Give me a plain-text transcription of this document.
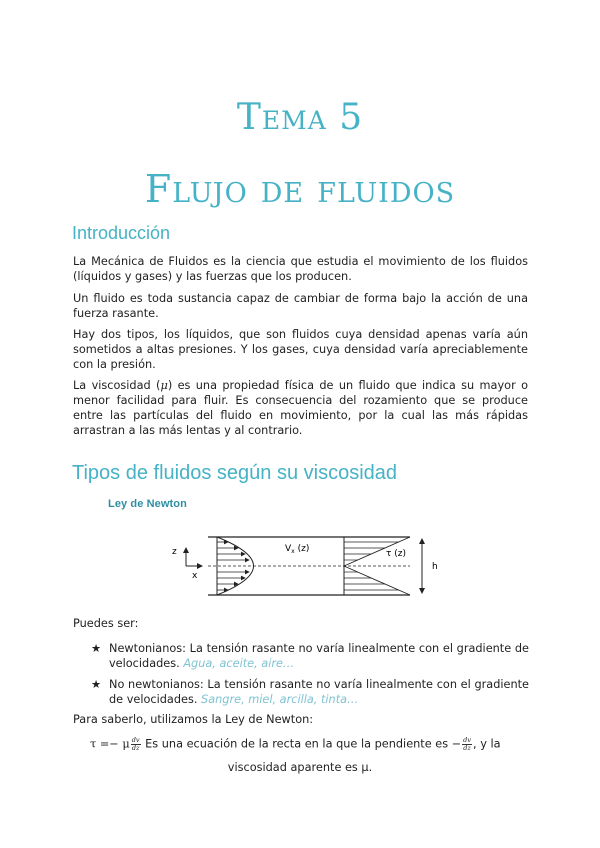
Tema 5
Flujo de fluidos
Introducción

La Mecánica de Fluidos es la ciencia que estudia el movimiento de los fluidos (líquidos y gases) y las fuerzas que los producen.

Un fluido es toda sustancia capaz de cambiar de forma bajo la acción de una fuerza rasante.

Hay dos tipos, los líquidos, que son fluidos cuya densidad apenas varía aún sometidos a altas presiones. Y los gases, cuya densidad varía apreciablemente con la presión.

La viscosidad (μ) es una propiedad física de un fluido que indica su mayor o menor facilidad para fluir. Es consecuencia del rozamiento que se produce entre las partículas del fluido en movimiento, por la cual las más rápidas arrastran a las más lentas y al contrario.

Tipos de fluidos según su viscosidad
Ley de Newton
z
x
$V_x$ (z)	τ (z)
h
Puedes ser:
★ Newtonianos: La tensión rasante no varía linealmente con el gradiente de velocidades. Agua, aceite, aire…
★ No newtonianos: La tensión rasante no varía linealmente con el gradiente de velocidades. Sangre, miel, arcilla, tinta…
Para saberlo, utilizamos la Ley de Newton:
τ =− μ $\frac{dv}{dz}$ Es una ecuación de la recta en la que la pendiente es − $\frac{dv}{dz}$ , y la
viscosidad aparente es μ.
